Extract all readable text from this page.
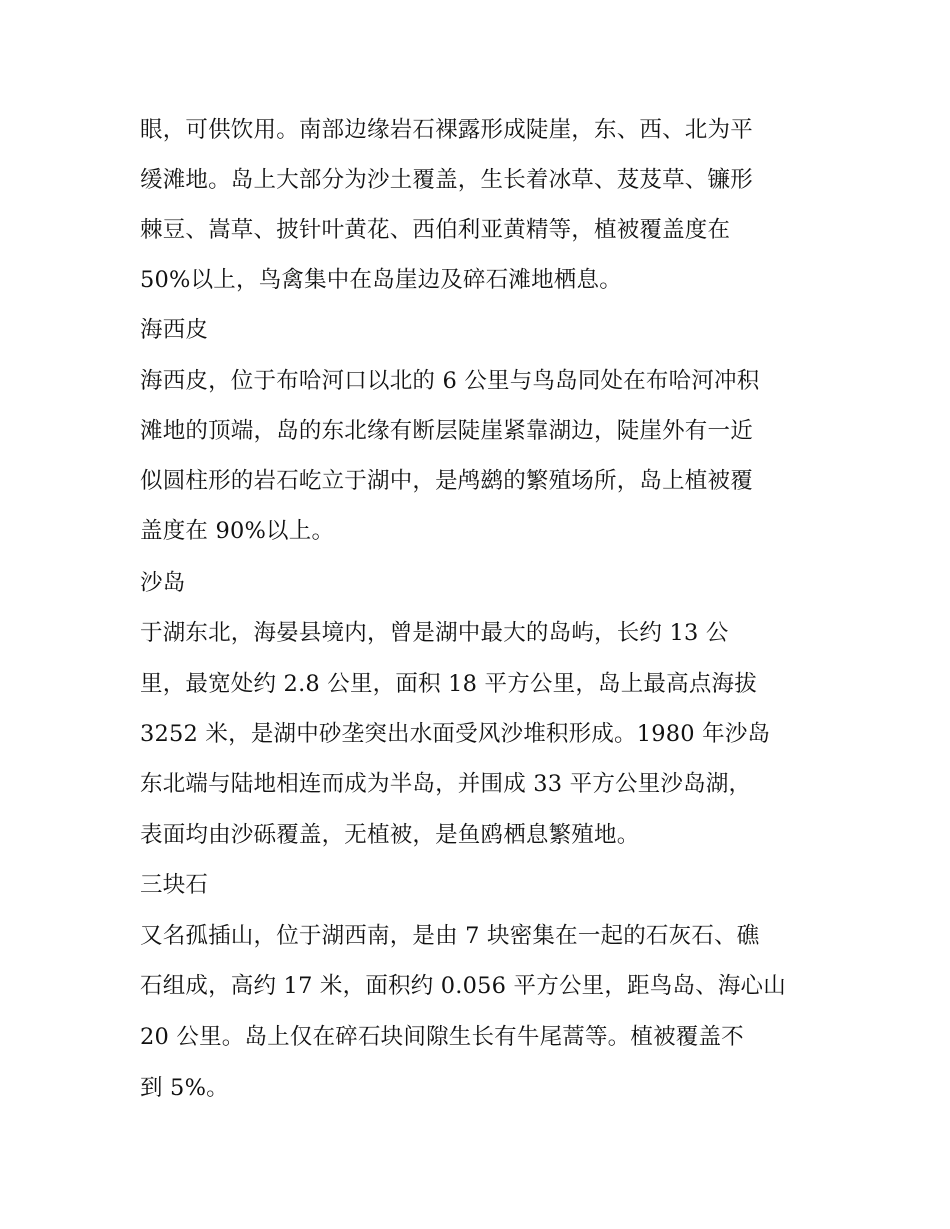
眼，可供饮用。南部边缘岩石裸露形成陡崖，东、西、北为平
缓滩地。岛上大部分为沙土覆盖，生长着冰草、芨芨草、镰形
棘豆、嵩草、披针叶黄花、西伯利亚黄精等，植被覆盖度在
50%以上，鸟禽集中在岛崖边及碎石滩地栖息。
海西皮
海西皮，位于布哈河口以北的 6 公里与鸟岛同处在布哈河冲积
滩地的顶端，岛的东北缘有断层陡崖紧靠湖边，陡崖外有一近
似圆柱形的岩石屹立于湖中，是鸬鹚的繁殖场所，岛上植被覆
盖度在 90%以上。
沙岛
于湖东北，海晏县境内，曾是湖中最大的岛屿，长约 13 公
里，最宽处约 2.8 公里，面积 18 平方公里，岛上最高点海拔
3252 米，是湖中砂垄突出水面受风沙堆积形成。1980 年沙岛
东北端与陆地相连而成为半岛，并围成 33 平方公里沙岛湖，
表面均由沙砾覆盖，无植被，是鱼鸥栖息繁殖地。
三块石
又名孤插山，位于湖西南，是由 7 块密集在一起的石灰石、礁
石组成，高约 17 米，面积约 0.056 平方公里，距鸟岛、海心山
20 公里。岛上仅在碎石块间隙生长有牛尾蒿等。植被覆盖不
到 5%。
